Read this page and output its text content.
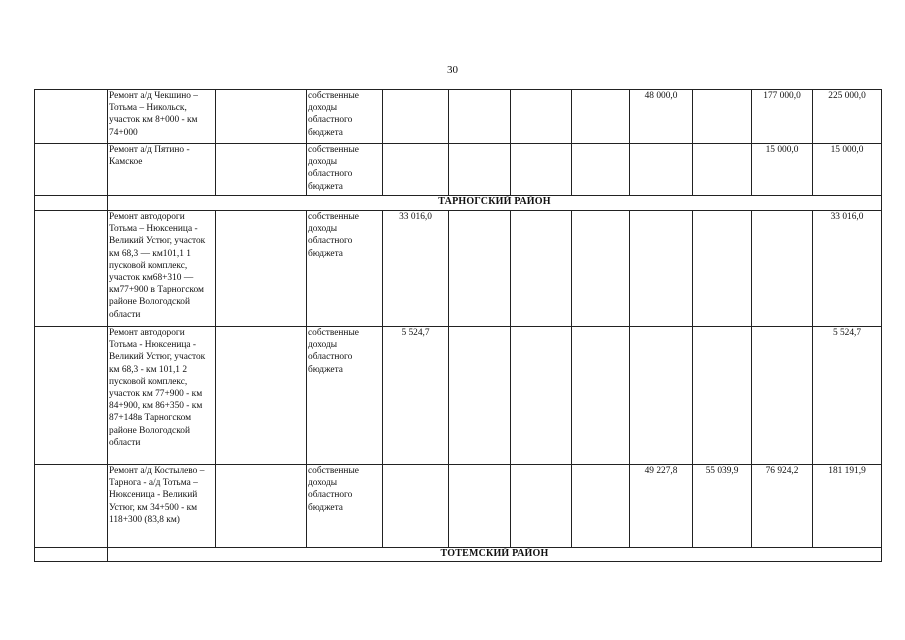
30
	Ремонт а/д Чекшино – Тотьма – Никольск, участок км 8+000 - км 74+000		собственные доходы областного бюджета					48 000,0		177 000,0	225 000,0
	Ремонт а/д Пятино - Камское		собственные доходы областного бюджета							15 000,0	15 000,0
	ТАРНОГСКИЙ РАЙОН										
	Ремонт автодороги Тотьма – Нюксеница - Великий Устюг, участок км 68,3 — км101,1 1 пусковой комплекс, участок км68+310 — км77+900 в Тарногском районе Вологодской области		собственные доходы областного бюджета	33 016,0							33 016,0
	Ремонт автодороги Тотьма - Нюксеница - Великий Устюг, участок км 68,3 - км 101,1 2 пусковой комплекс, участок км 77+900 - км 84+900, км 86+350 - км 87+148в Тарногском районе Вологодской области		собственные доходы областного бюджета	5 524,7							5 524,7
	Ремонт а/д Костылево –Тарнога - а/д Тотьма – Нюксеница - Великий Устюг, км 34+500 - км 118+300 (83,8 км)		собственные доходы областного бюджета					49 227,8	55 039,9	76 924,2	181 191,9
	ТОТЕМСКИЙ РАЙОН										
